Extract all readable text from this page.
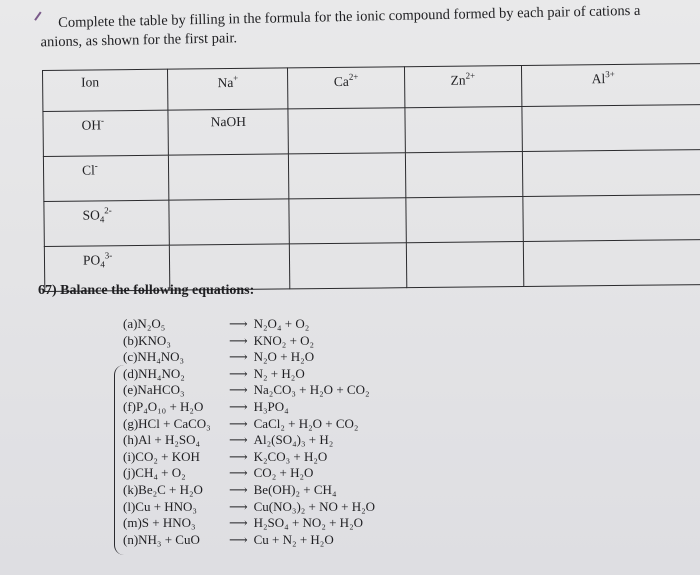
Complete the table by filling in the formula for the ionic compound formed by each pair of cations a
anions, as shown for the first pair.
Ion	Na+	$Ca^{2+}$	$Zn^{2+}$	$Al^{3+}$
OH-	NaOH			
Cl-				
$SO_4^{2-}$				
$PO_4^{3-}$				
67) Balance the following equations:
(a)N₂O₅	⟶ N₂O₄ + O₂
(b)KNO₃	⟶ KNO₂ + O₂
(c)NH₄NO₃	⟶ N₂O + H₂O
(d)NH₄NO₂	⟶ N₂ + H₂O
(e)NaHCO₃	⟶ Na₂CO₃ + H₂O + CO₂
(f)P₄O₁₀ + H₂O	⟶ H₃PO₄
(g)HCl + CaCO₃	⟶ CaCl₂ + H₂O + CO₂
(h)Al + H₂SO₄	⟶ Al₂(SO₄)₃ + H₂
(i)CO₂ + KOH	⟶ K₂CO₃ + H₂O
(j)CH₄ + O₂	⟶ CO₂ + H₂O
(k)Be₂C + H₂O	⟶ Be(OH)₂ + CH₄
(l)Cu + HNO₃	⟶ Cu(NO₃)₂ + NO + H₂O
(m)S + HNO₃	⟶ H₂SO₄ + NO₂ + H₂O
(n)NH₃ + CuO	⟶ Cu + N₂ + H₂O
